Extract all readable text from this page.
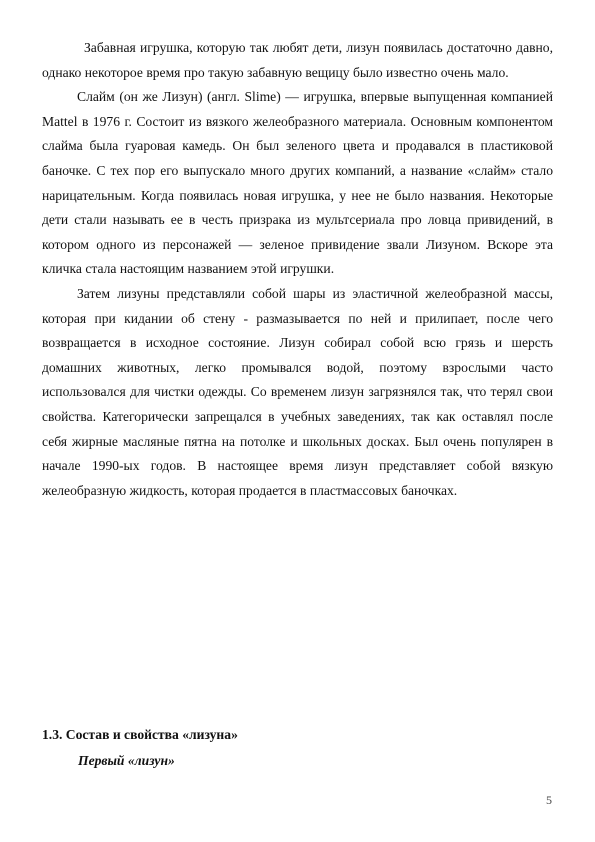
Забавная игрушка, которую так любят дети, лизун появилась достаточно давно, однако некоторое время про такую забавную вещицу было известно очень мало.

Слайм (он же Лизун) (англ. Slime) — игрушка, впервые выпущенная компанией Mattel в 1976 г. Состоит из вязкого желеобразного материала. Основным компонентом слайма была гуаровая камедь. Он был зеленого цвета и продавался в пластиковой баночке. С тех пор его выпускало много других компаний, а название «слайм» стало нарицательным. Когда появилась новая игрушка, у нее не было названия. Некоторые дети стали называть ее в честь призрака из мультсериала про ловца привидений, в котором одного из персонажей — зеленое привидение звали Лизуном. Вскоре эта кличка стала настоящим названием этой игрушки.

Затем лизуны представляли собой шары из эластичной желеобразной массы, которая при кидании об стену - размазывается по ней и прилипает, после чего возвращается в исходное состояние. Лизун собирал собой всю грязь и шерсть домашних животных, легко промывался водой, поэтому взрослыми часто использовался для чистки одежды. Со временем лизун загрязнялся так, что терял свои свойства. Категорически запрещался в учебных заведениях, так как оставлял после себя жирные масляные пятна на потолке и школьных досках. Был очень популярен в начале 1990-ых годов. В настоящее время лизун представляет собой вязкую желеобразную жидкость, которая продается в пластмассовых баночках.

1.3. Состав и свойства «лизуна»
Первый «лизун»
5
